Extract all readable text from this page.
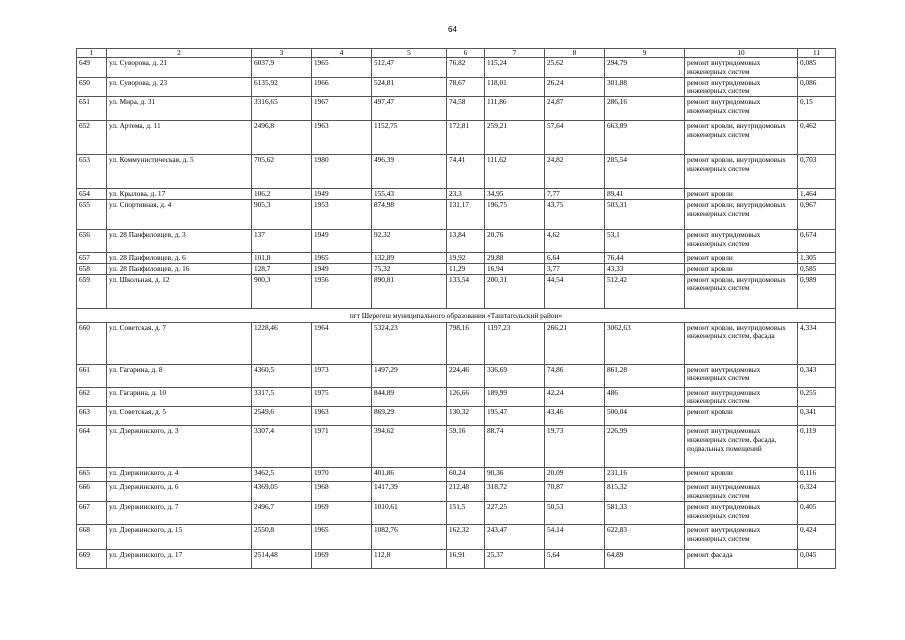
64
1	2	3	4	5	6	7	8	9	10	11
649	ул. Суворова, д. 21	6037,9	1965	512,47	76,82	115,24	25,62	294,79	ремонт внутридомовых инженерных систем	0,085
650	ул. Суворова, д. 23	6135,92	1966	524,81	78,67	118,01	26,24	301,88	ремонт внутридомовых инженерных систем	0,086
651	ул. Мира, д. 31	3316,65	1967	497,47	74,58	111,86	24,87	286,16	ремонт внутридомовых инженерных систем	0,15
652	ул. Артема, д. 11	2496,8	1963	1152,75	172,81	259,21	57,64	663,09	ремонт кровли, внутридомовых инженерных систем	0,462
653	ул. Коммунистическая, д. 5	705,62	1980	496,39	74,41	111,62	24,82	285,54	ремонт кровли, внутридомовых инженерных систем	0,703
654	ул. Крылова, д. 17	106,2	1949	155,43	23,3	34,95	7,77	89,41	ремонт кровли	1,464
655	ул. Спортивная, д. 4	905,3	1953	874,98	131,17	196,75	43,75	503,31	ремонт кровли, внутридомовых инженерных систем	0,967
656	ул. 28 Панфиловцев, д. 3	137	1949	92,32	13,84	20,76	4,62	53,1	ремонт внутридомовых инженерных систем	0,674
657	ул. 28 Панфиловцев, д. 6	101,8	1965	132,89	19,92	29,88	6,64	76,44	ремонт кровли	1,305
658	ул. 28 Панфиловцев, д. 16	128,7	1949	75,32	11,29	16,94	3,77	43,33	ремонт кровли	0,585
659	ул. Школьная, д. 12	900,3	1956	890,81	133,54	200,31	44,54	512,42	ремонт кровли, внутридомовых инженерных систем	0,989
пгт Шерегеш муниципального образования «Таштагольский район»										
660	ул. Советская, д. 7	1228,46	1964	5324,23	798,16	1197,23	266,21	3062,63	ремонт кровли, внутридомовых инженерных систем, фасада	4,334
661	ул. Гагарина, д. 8	4360,5	1973	1497,29	224,46	336,69	74,86	861,28	ремонт внутридомовых инженерных систем	0,343
662	ул. Гагарина, д. 10	3317,5	1975	844,89	126,66	189,99	42,24	486	ремонт внутридомовых инженерных систем	0,255
663	ул. Советская, д. 5	2549,6	1963	869,29	130,32	195,47	43,46	500,04	ремонт кровли	0,341
664	ул. Дзержинского, д. 3	3307,4	1971	394,62	59,16	88,74	19,73	226,99	ремонт внутридомовых инженерных систем, фасада, подвальных помещений	0,119
665	ул. Дзержинского, д. 4	3462,5	1970	401,86	60,24	90,36	20,09	231,16	ремонт кровли	0,116
666	ул. Дзержинского, д. 6	4369,05	1968	1417,39	212,48	318,72	70,87	815,32	ремонт внутридомовых инженерных систем	0,324
667	ул. Дзержинского, д. 7	2496,7	1969	1010,61	151,5	227,25	50,53	581,33	ремонт внутридомовых инженерных систем	0,405
668	ул. Дзержинского, д. 15	2550,8	1965	1082,76	162,32	243,47	54,14	622,83	ремонт внутридомовых инженерных систем	0,424
669	ул. Дзержинского, д. 17	2514,48	1969	112,8	16,91	25,37	5,64	64,89	ремонт фасада	0,045
